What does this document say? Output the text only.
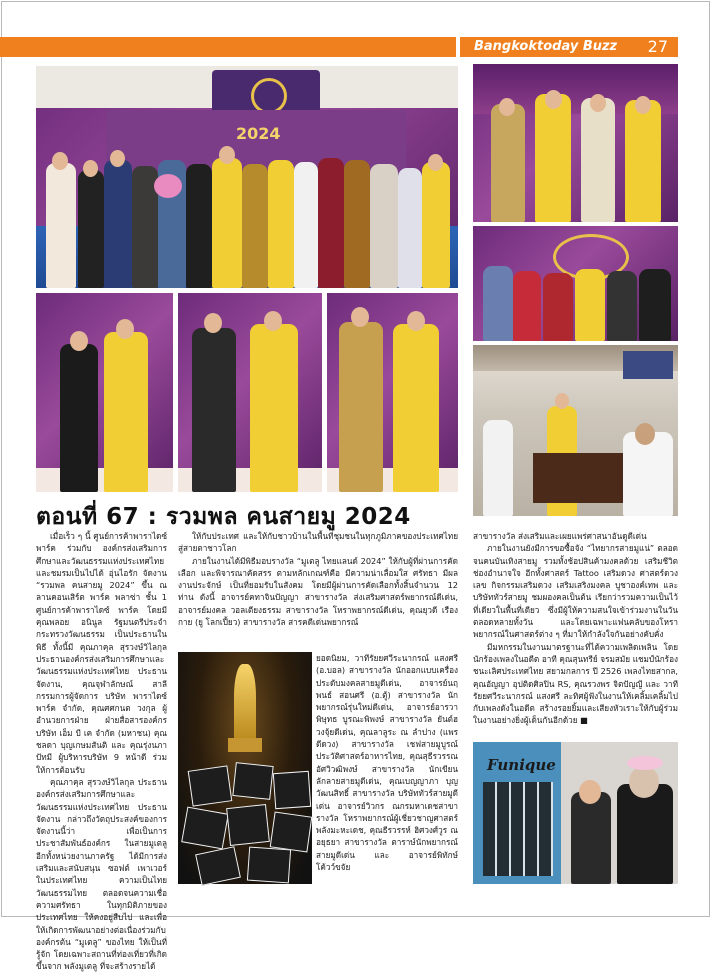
Bangkoktoday Buzz 27
2024
ตอนที่ 67 : รวมพล คนสายมู 2024

เมื่อเร็ว ๆ นี้ ศูนย์การค้าพาราไดซ์ พาร์ค ร่วมกับ องค์กรส่งเสริมการศึกษาและวัฒนธรรมแห่งประเทศไทย และชมรมเป็นไปได้ อุ่นไอรัก จัดงาน “รวมพล คนสายมู 2024” ขึ้น ณ ลานคอนเสิร์ต พาร์ค พลาซ่า ชั้น 1 ศูนย์การค้าพาราไดซ์ พาร์ค โดยมี คุณพลอย อนินูล รัฐมนตรีประจำกระทรวงวัฒนธรรม เป็นประธานในพิธี ทั้งนี้มี คุณภาคุล สุรวงษ์วิไลกุล ประธานองค์กรส่งเสริมการศึกษาและวัฒนธรรมแห่งประเทศไทย ประธานจัดงาน, คุณจุฬาลักษณ์ สาลี กรรมการผู้จัดการ บริษัท พาราไดซ์ พาร์ค จำกัด, คุณศศกนต วงกุล ผู้อำนวยการฝ่าย ฝ่ายสื่อสารองค์กร บริษัท เอ็ม บี เค จำกัด (มหาชน) คุณชลดา บุญเกษมสันติ และ คุณรุ่งนภา ปัทมี ผู้บริหารบริษัท 9 หน้าดี ร่วมให้การต้อนรับ

คุณภาคุล สุรวงษ์วิไลกุล ประธานองค์กรส่งเสริมการศึกษาและวัฒนธรรมแห่งประเทศไทย ประธานจัดงาน กล่าวถึงวัตถุประสงค์ของการจัดงานนี้ว่า เพื่อเป็นการประชาสัมพันธ์องค์กร ในสายมูเตลู อีกทั้งหน่วยงานภาครัฐ ได้มีการส่งเสริมและสนับสนุน ซอฟต์ เพาเวอร์ ในประเทศไทย ความเป็นไทย วัฒนธรรมไทย ตลอดจนความเชื่อ ความศรัทธา ในทุกมิติภายของประเทศไทย ให้คงอยู่สืบไป และเพื่อให้เกิดการพัฒนาอย่างต่อเนื่องร่วมกับองค์กรต้น “มูเตลู” ของไทย ให้เป็นที่รู้จัก โดยเฉพาะสถานที่ท่องเที่ยวที่เกิดขึ้นจาก พลังมูเตลู ที่จะสร้างรายได้

ให้กับประเทศ และให้กับชาวบ้านในพื้นที่ชุมชนในทุกภูมิภาคของประเทศไทยสู่สายตาชาวโลก

ภายในงานได้มีพิธีมอบรางวัล “มูเตลู ไทยแลนด์ 2024” ให้กับผู้ที่ผ่านการคัดเลือก และพิจารณาคัดสรร ตามหลักเกณฑ์คือ มีความน่าเลื่อมใส ศรัทธา มีผลงานประจักษ์ เป็นที่ยอมรับในสังคม โดยมีผู้ผ่านการคัดเลือกทั้งสิ้นจำนวน 12 ท่าน ดังนี้ อาจารย์คทาจินปัญญา สาขารางวัล ส่งเสริมศาสตร์พยากรณ์ดีเด่น, อาจารย์มงคล วอลเตียงธรรม สาขารางวัล โหราพยากรณ์ดีเด่น, คุณยุวดี เรืองกาย (ยู โลกเปี้ยว) สาขารางวัล สารคดีเด่นพยากรณ์

ยอดนิยม, วาทีรัยยศวีระนากรณ์ แสงศรี (อ.บอล) สาขารางวัล นักออกแบบเครื่องประดับมงคลสายมูดีเด่น, อาจารย์นฤพนธ์ สอนศรี (อ.ตู้) สาขารางวัล นักพยากรณ์รุ่นใหม่ดีเด่น, อาจารย์อารวาพิษุทธ บูรณะพิพงษ์ สาขารางวัล ยันต์ฮวงจุ้ยดีเด่น, คุณลาลูระ ณ ลำปาง (แพรดีดวง) สาขารางวัล เชฟสายมูบูรณ์ประวัติศาสตร์อาหารไทย, คุณสุธีรวรรณ อัศวิวฒิพงษ์ สาขารางวัล นักเขียนลักลายสายมูดีเด่น, คุณเบญญาภา บุญวัฒนสิทธิ์ สาขารางวัล บริษัททัวร์สายมูดีเด่น อาจารย์วิวกร ณกรมหาเดชสาขารางวัล โหราพยากรณ์ผู้เชี่ยวชาญศาสตร์พลังมะหะเดช, คุณธีรวรรห์ ฮิศวงศ์วูร ณ อยุธยา สาขารางวัล ตาราษ์นักพยากรณ์สายมูดีเด่น และ อาจารย์พิทักษ์ โค้วว์ขจัย

สาขารางวัล ส่งเสริมและเผยแพร่ศาสนาอันดูดีเด่น

ภายในงานยังมีการขอซื้อจัง “ไทยากรสายมูแน่” ตลอดจนคนบันเทิงสายมู รวมทั้งช้อปสินค้ามงคลด้วย เสริมชีวิตช่องอำนาจใจ อีกทั้งศาสตร์ Tattoo เสริมดวง ศาสตร์ดวงเลข กิจกรรมเสริมดวง เสริมเสริงมงคล บูชาองค์เทพ และบริษัททัวร์สายมู ชมผองคลเป็นต้น เรียกว่ารวมความเป็นไว้ที่เดียวในพื้นที่เดียว ซึ่งมีผู้ให้ความสนใจเข้าร่วมงานในวันตลอดหลายทั้งวัน และโดยเฉพาะแฟนคลับของโหราพยากรณ์ในศาสตร์ต่าง ๆ ที่มาให้กำลังใจกันอย่างคับคั่ง

มีมหกรรมในงานมาตรฐานะที่ได้ความเพลิดเพลิน โดยนักร้องเพลงในอดีต อาที คุณสุนทรีย์ จรมสมัย แชมป์นักร้องชนะเลิศประเทศไทย สยามกลการ ปี 2526 เพลงไทยสากล, คุณอัญญา อุปติดศิลปิน RS, คุณรวงพร จิตปัญญี และ วาทีรัยยศวีระนากรณ์ แสงศรี ละทิศผู้ฟังในงานให้เคลิ้มเคลิ้มไปกับเพลงดังในอดีต สร้างรอยยิ้มและเสียงหัวเราะให้กับผู้ร่วมในงานอย่างยิ่งผู้เด็นกันอีกด้วย ■

Funique
